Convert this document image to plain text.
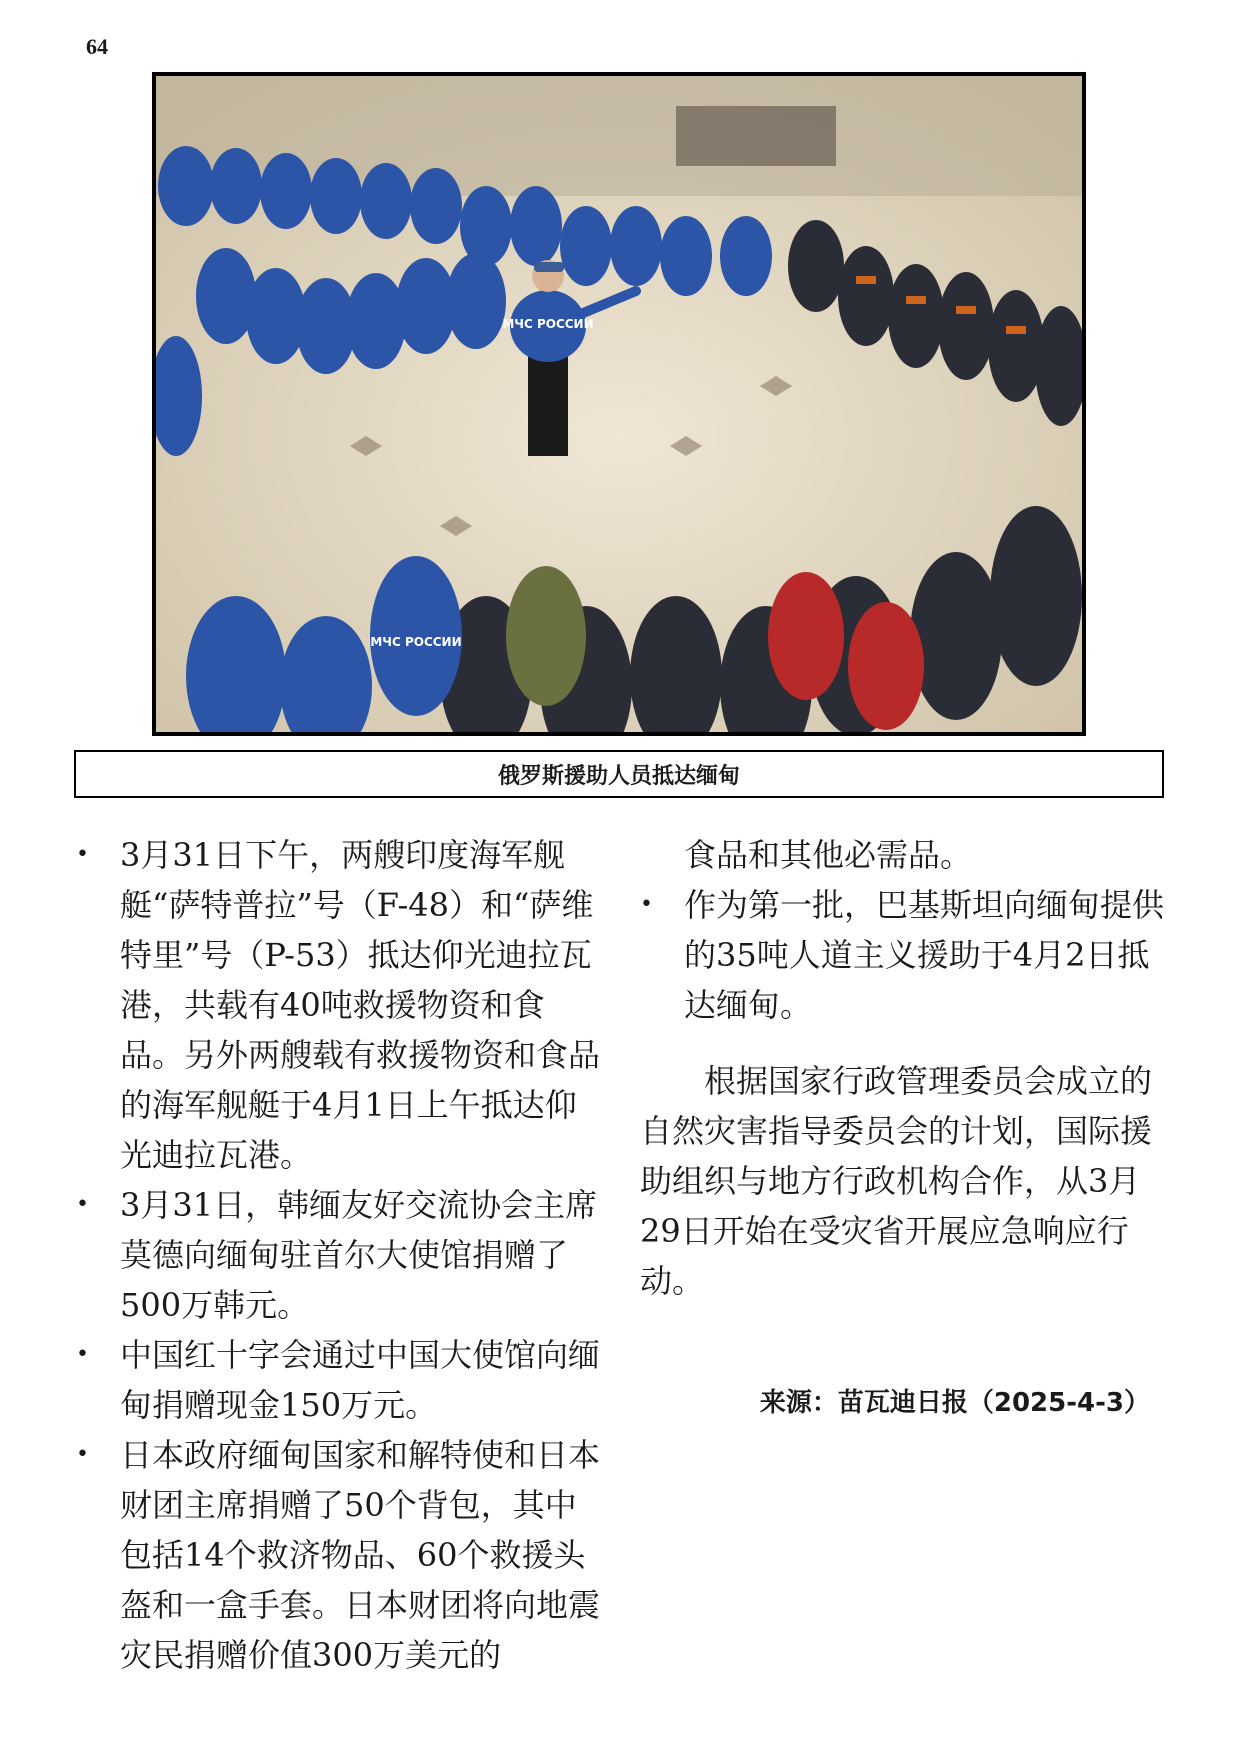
64
МЧС РОССИИ
МЧС РОССИИ
俄罗斯援助人员抵达缅甸
• 3月31日下午，两艘印度海军舰艇“萨特普拉”号（F-48）和“萨维特里”号（P-53）抵达仰光迪拉瓦港，共载有40吨救援物资和食品。另外两艘载有救援物资和食品的海军舰艇于4月1日上午抵达仰光迪拉瓦港。
• 3月31日，韩缅友好交流协会主席莫德向缅甸驻首尔大使馆捐赠了500万韩元。
• 中国红十字会通过中国大使馆向缅甸捐赠现金150万元。
• 日本政府缅甸国家和解特使和日本财团主席捐赠了50个背包，其中包括14个救济物品、60个救援头盔和一盒手套。日本财团将向地震灾民捐赠价值300万美元的
食品和其他必需品。
• 作为第一批，巴基斯坦向缅甸提供的35吨人道主义援助于4月2日抵达缅甸。

根据国家行政管理委员会成立的自然灾害指导委员会的计划，国际援助组织与地方行政机构合作，从3月29日开始在受灾省开展应急响应行动。

来源：苗瓦迪日报（2025-4-3）
